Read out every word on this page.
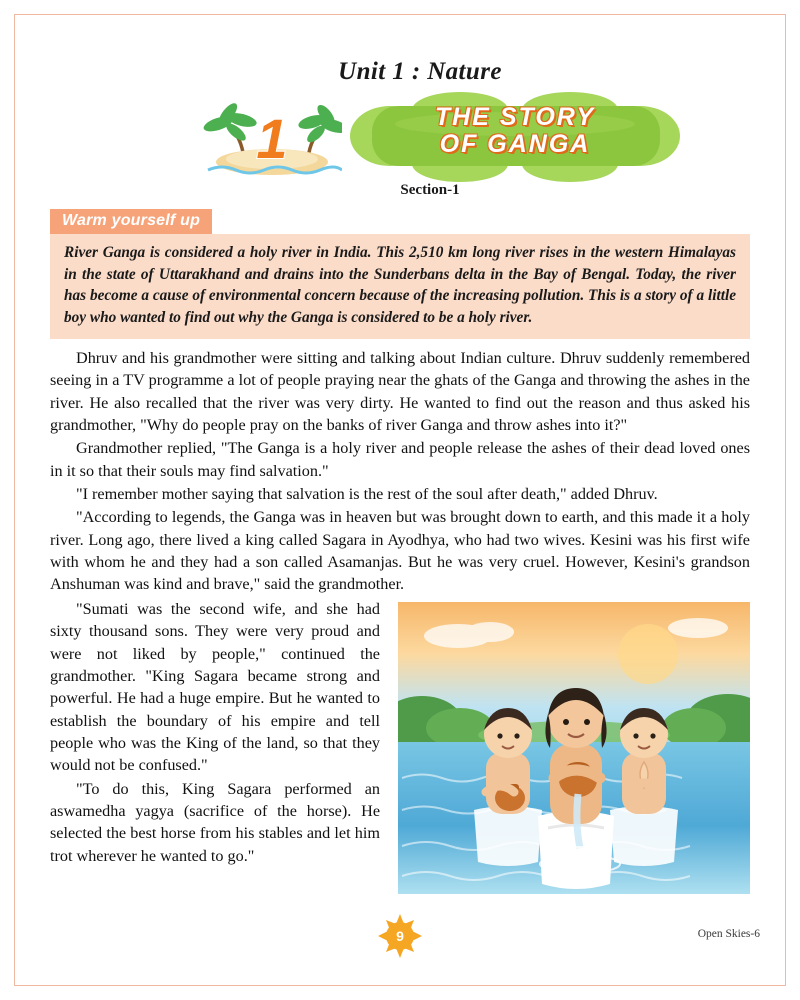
Unit 1 : Nature
1	THE STORY
OF GANGA
Section-1
Warm yourself up
River Ganga is considered a holy river in India. This 2,510 km long river rises in the western Himalayas in the state of Uttarakhand and drains into the Sunderbans delta in the Bay of Bengal. Today, the river has become a cause of environmental concern because of the increasing pollution. This is a story of a little boy who wanted to find out why the Ganga is considered to be a holy river.

Dhruv and his grandmother were sitting and talking about Indian culture. Dhruv suddenly remembered seeing in a TV programme a lot of people praying near the ghats of the Ganga and throwing the ashes in the river. He also recalled that the river was very dirty. He wanted to find out the reason and thus asked his grandmother, "Why do people pray on the banks of river Ganga and throw ashes into it?"

Grandmother replied, "The Ganga is a holy river and people release the ashes of their dead loved ones in it so that their souls may find salvation."

"I remember mother saying that salvation is the rest of the soul after death," added Dhruv.

"According to legends, the Ganga was in heaven but was brought down to earth, and this made it a holy river. Long ago, there lived a king called Sagara in Ayodhya, who had two wives. Kesini was his first wife with whom he and they had a son called Asamanjas. But he was very cruel. However, Kesini's grandson Anshuman was kind and brave," said the grandmother.

"Sumati was the second wife, and she had sixty thousand sons. They were very proud and were not liked by people," continued the grandmother. "King Sagara became strong and powerful. He had a huge empire. But he wanted to establish the boundary of his empire and tell people who was the King of the land, so that they would not be confused."

"To do this, King Sagara performed an aswamedha yagya (sacrifice of the horse). He selected the best horse from his stables and let him trot wherever he wanted to go."

9	Open Skies-6
